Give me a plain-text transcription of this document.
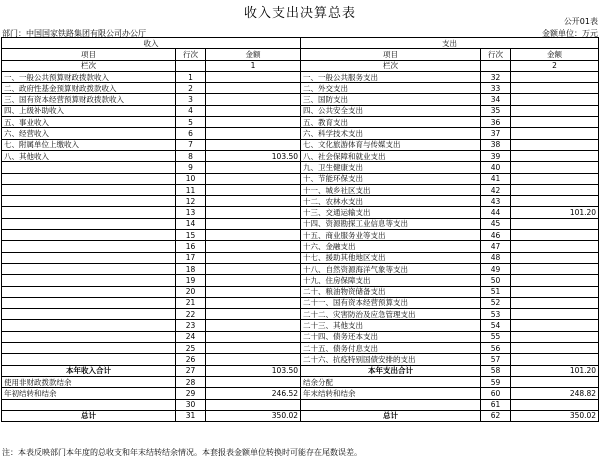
收入支出决算总表
公开01表
部门：中国国家铁路集团有限公司办公厅	金额单位：万元
收入			支出		
项目	行次	金额	项目	行次	金额
栏次		1	栏次		2
一、一般公共预算财政拨款收入	1		一、一般公共服务支出	32	
二、政府性基金预算财政拨款收入	2		二、外交支出	33	
三、国有资本经营预算财政拨款收入	3		三、国防支出	34	
四、上级补助收入	4		四、公共安全支出	35	
五、事业收入	5		五、教育支出	36	
六、经营收入	6		六、科学技术支出	37	
七、附属单位上缴收入	7		七、文化旅游体育与传媒支出	38	
八、其他收入	8	103.50	八、社会保障和就业支出	39	
	9		九、卫生健康支出	40	
	10		十、节能环保支出	41	
	11		十一、城乡社区支出	42	
	12		十二、农林水支出	43	
	13		十三、交通运输支出	44	101.20
	14		十四、资源勘探工业信息等支出	45	
	15		十五、商业服务业等支出	46	
	16		十六、金融支出	47	
	17		十七、援助其他地区支出	48	
	18		十八、自然资源海洋气象等支出	49	
	19		十九、住房保障支出	50	
	20		二十、粮油物资储备支出	51	
	21		二十一、国有资本经营预算支出	52	
	22		二十二、灾害防治及应急管理支出	53	
	23		二十三、其他支出	54	
	24		二十四、债务还本支出	55	
	25		二十五、债务付息支出	56	
	26		二十六、抗疫特别国债安排的支出	57	
本年收入合计	27	103.50	本年支出合计	58	101.20
使用非财政拨款结余	28		结余分配	59	
年初结转和结余	29	246.52	年末结转和结余	60	248.82
	30			61	
总计	31	350.02	总计	62	350.02
注：本表反映部门本年度的总收支和年末结转结余情况。本套报表金额单位转换时可能存在尾数误差。
